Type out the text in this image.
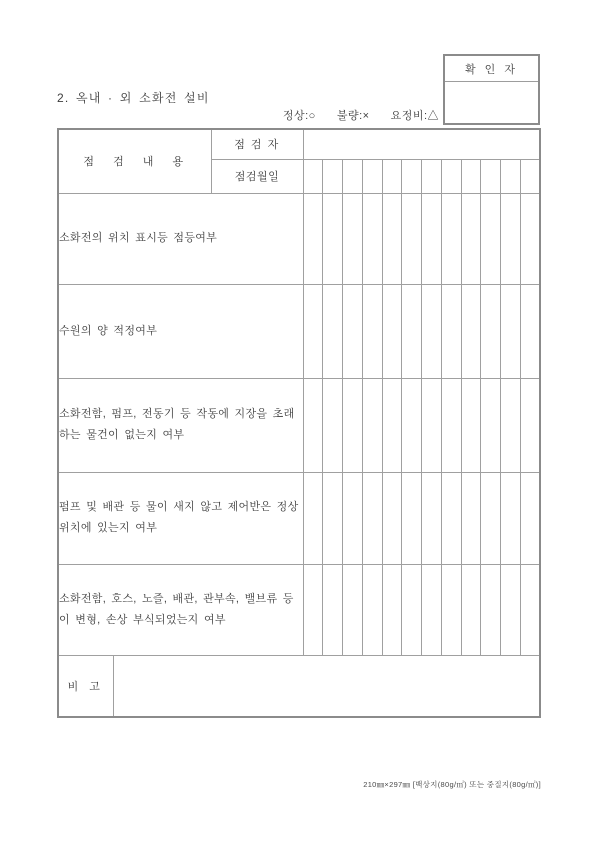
확 인 자
2. 옥내 · 외 소화전 설비
정상:○ 불량:× 요정비:△
점 검 내 용		점 검 자												
		점검월일												
소화전의 위치 표시등 점등여부														
수원의 양 적정여부														
소화전함, 펌프, 전동기 등 작동에 지장을 초래하는 물건이 없는지 여부														
펌프 및 배관 등 물이 새지 않고 제어반은 정상위치에 있는지 여부														
소화전함, 호스, 노즐, 배관, 관부속, 밸브류 등이 변형, 손상 부식되었는지 여부														
비 고														
210㎜×297㎜ [백상지(80g/㎡) 또는 중질지(80g/㎡)]
